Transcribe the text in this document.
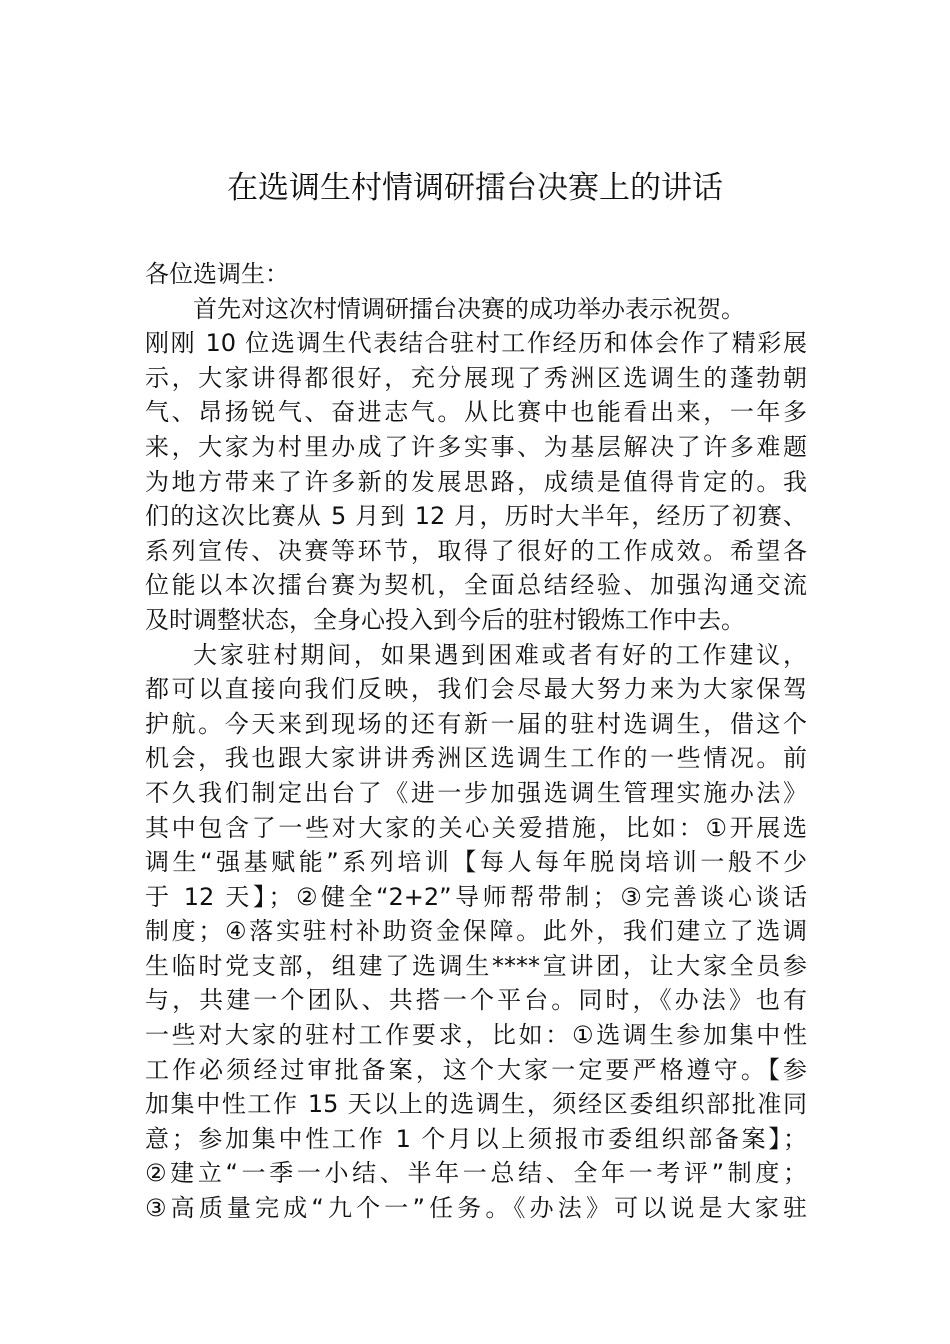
在选调生村情调研擂台决赛上的讲话
各位选调生：
首先对这次村情调研擂台决赛的成功举办表示祝贺。
刚刚 10 位选调生代表结合驻村工作经历和体会作了精彩展
示，大家讲得都很好，充分展现了秀洲区选调生的蓬勃朝
气、昂扬锐气、奋进志气。从比赛中也能看出来，一年多
来，大家为村里办成了许多实事、为基层解决了许多难题
为地方带来了许多新的发展思路，成绩是值得肯定的。我
们的这次比赛从 5 月到 12 月，历时大半年，经历了初赛、
系列宣传、决赛等环节，取得了很好的工作成效。希望各
位能以本次擂台赛为契机，全面总结经验、加强沟通交流
及时调整状态，全身心投入到今后的驻村锻炼工作中去。
大家驻村期间，如果遇到困难或者有好的工作建议，
都可以直接向我们反映，我们会尽最大努力来为大家保驾
护航。今天来到现场的还有新一届的驻村选调生，借这个
机会，我也跟大家讲讲秀洲区选调生工作的一些情况。前
不久我们制定出台了《进一步加强选调生管理实施办法》
其中包含了一些对大家的关心关爱措施，比如：①开展选
调生“强基赋能”系列培训【每人每年脱岗培训一般不少
于 12 天】；②健全“2+2”导师帮带制；③完善谈心谈话
制度；④落实驻村补助资金保障。此外，我们建立了选调
生临时党支部，组建了选调生****宣讲团，让大家全员参
与，共建一个团队、共搭一个平台。同时，《办法》也有
一些对大家的驻村工作要求，比如：①选调生参加集中性
工作必须经过审批备案，这个大家一定要严格遵守。【参
加集中性工作 15 天以上的选调生，须经区委组织部批准同
意；参加集中性工作 1 个月以上须报市委组织部备案】；
②建立“一季一小结、半年一总结、全年一考评”制度；
③高质量完成“九个一”任务。《办法》可以说是大家驻
